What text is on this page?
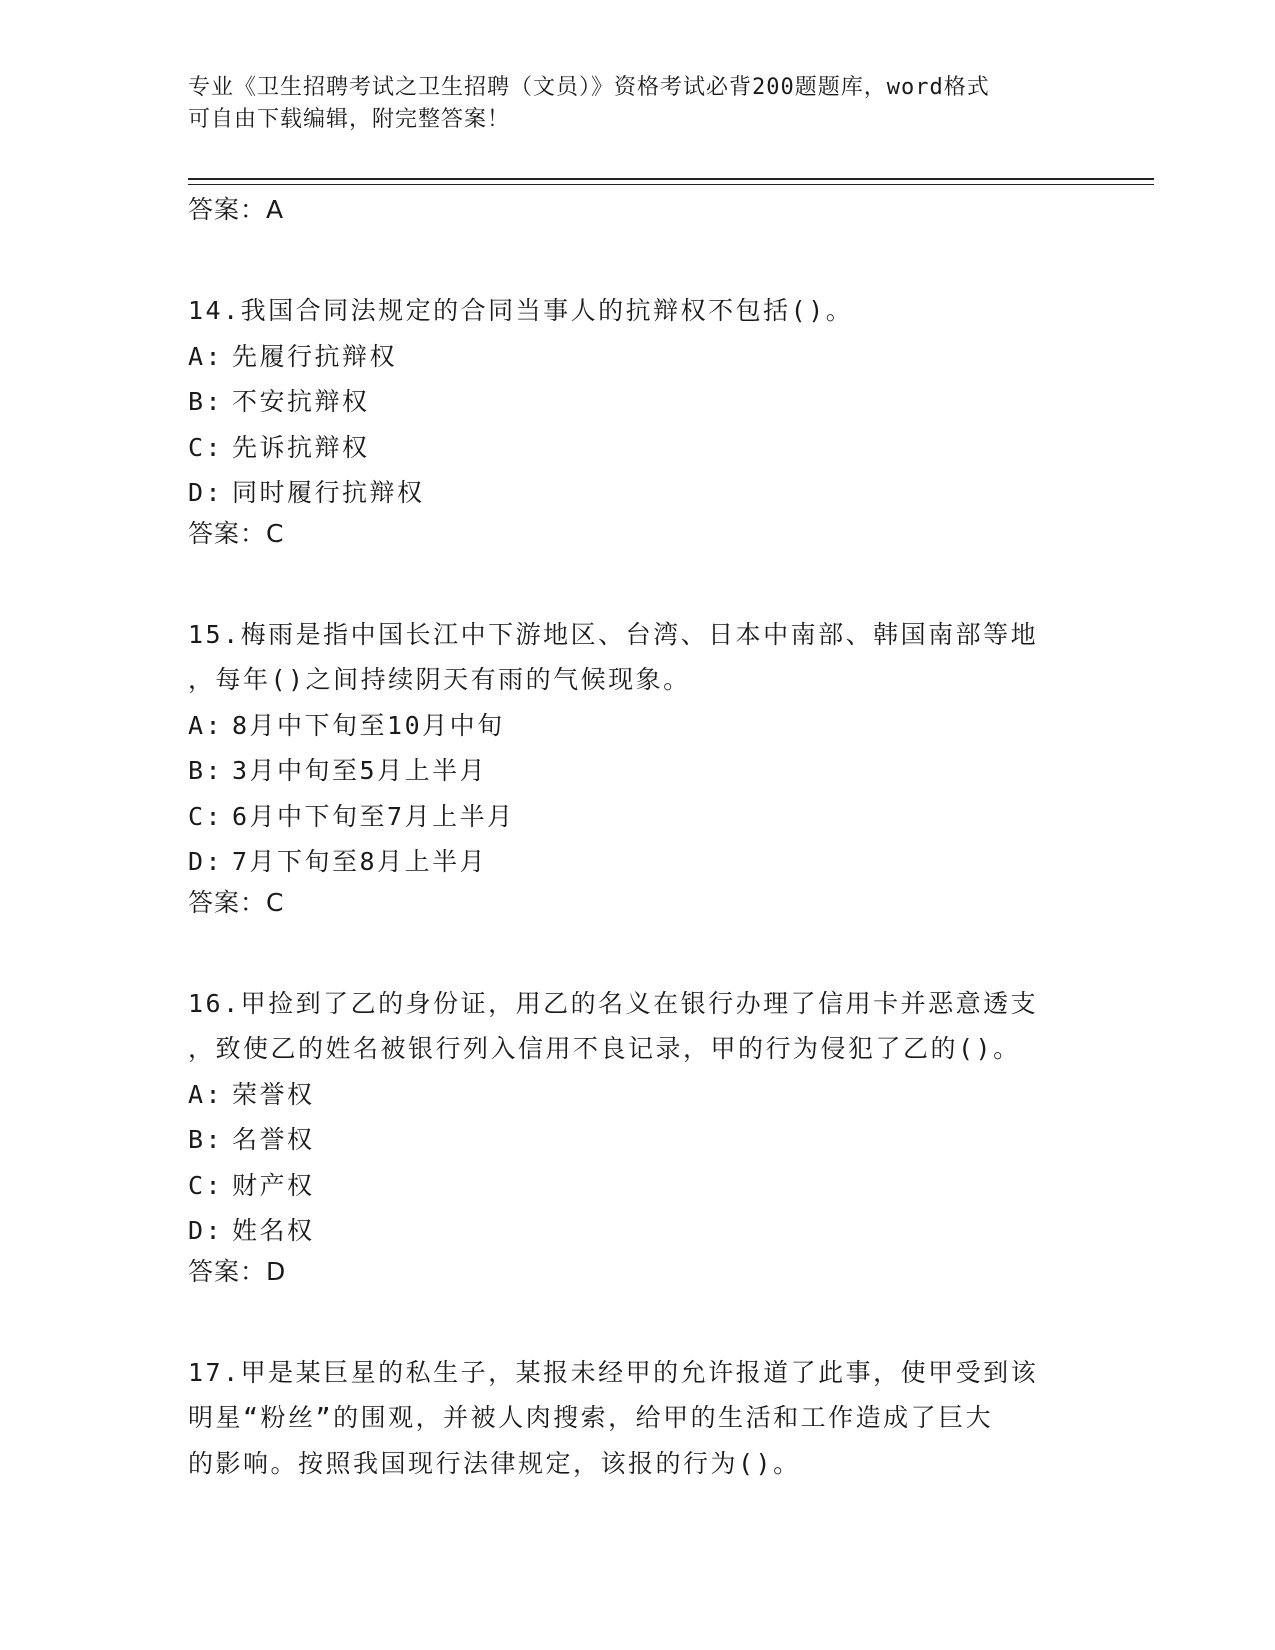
专业《卫生招聘考试之卫生招聘（文员）》资格考试必背200题题库，word格式
可自由下载编辑，附完整答案！

答案：A

14.我国合同法规定的合同当事人的抗辩权不包括()。

A: 先履行抗辩权
B: 不安抗辩权
C: 先诉抗辩权
D: 同时履行抗辩权

答案：C

15.梅雨是指中国长江中下游地区、台湾、日本中南部、韩国南部等地

，每年()之间持续阴天有雨的气候现象。

A: 8月中下旬至10月中旬
B: 3月中旬至5月上半月
C: 6月中下旬至7月上半月
D: 7月下旬至8月上半月

答案：C

16.甲捡到了乙的身份证，用乙的名义在银行办理了信用卡并恶意透支

，致使乙的姓名被银行列入信用不良记录，甲的行为侵犯了乙的()。

A: 荣誉权
B: 名誉权
C: 财产权
D: 姓名权

答案：D

17.甲是某巨星的私生子，某报未经甲的允许报道了此事，使甲受到该

明星“粉丝”的围观，并被人肉搜索，给甲的生活和工作造成了巨大

的影响。按照我国现行法律规定，该报的行为()。
